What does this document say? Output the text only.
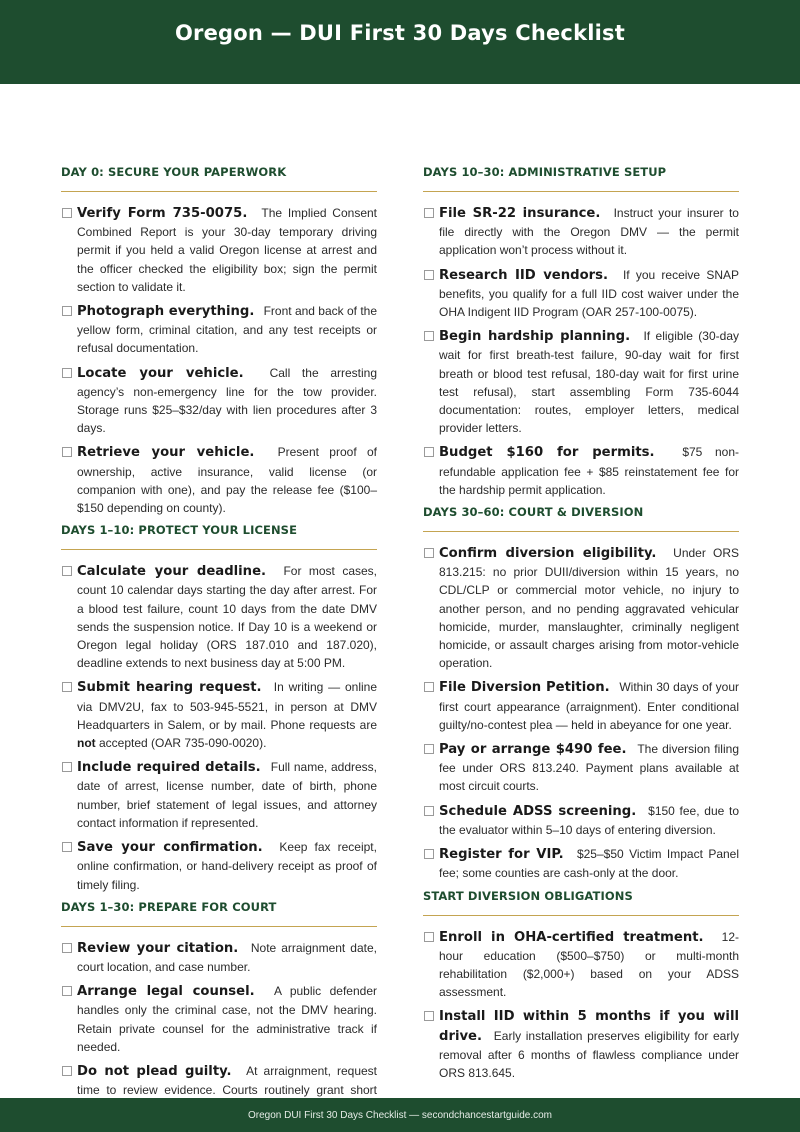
Oregon — DUI First 30 Days Checklist
DAY 0: SECURE YOUR PAPERWORK
Verify Form 735-0075. The Implied Consent Combined Report is your 30-day temporary driving permit if you held a valid Oregon license at arrest and the officer checked the eligibility box; sign the permit section to validate it.
Photograph everything. Front and back of the yellow form, criminal citation, and any test receipts or refusal documentation.
Locate your vehicle. Call the arresting agency’s non-emergency line for the tow provider. Storage runs $25–$32/day with lien procedures after 3 days.
Retrieve your vehicle. Present proof of ownership, active insurance, valid license (or companion with one), and pay the release fee ($100–$150 depending on county).
DAYS 1–10: PROTECT YOUR LICENSE
Calculate your deadline. For most cases, count 10 calendar days starting the day after arrest. For a blood test failure, count 10 days from the date DMV sends the suspension notice. If Day 10 is a weekend or Oregon legal holiday (ORS 187.010 and 187.020), deadline extends to next business day at 5:00 PM.
Submit hearing request. In writing — online via DMV2U, fax to 503-945-5521, in person at DMV Headquarters in Salem, or by mail. Phone requests are not accepted (OAR 735-090-0020).
Include required details. Full name, address, date of arrest, license number, date of birth, phone number, brief statement of legal issues, and attorney contact information if represented.
Save your confirmation. Keep fax receipt, online confirmation, or hand-delivery receipt as proof of timely filing.
DAYS 1–30: PREPARE FOR COURT
Review your citation. Note arraignment date, court location, and case number.
Arrange legal counsel. A public defender handles only the criminal case, not the DMV hearing. Retain private counsel for the administrative track if needed.
Do not plead guilty. At arraignment, request time to review evidence. Courts routinely grant short
DAYS 10–30: ADMINISTRATIVE SETUP
File SR-22 insurance. Instruct your insurer to file directly with the Oregon DMV — the permit application won’t process without it.
Research IID vendors. If you receive SNAP benefits, you qualify for a full IID cost waiver under the OHA Indigent IID Program (OAR 257-100-0075).
Begin hardship planning. If eligible (30-day wait for first breath-test failure, 90-day wait for first breath or blood test refusal, 180-day wait for first urine test refusal), start assembling Form 735-6044 documentation: routes, employer letters, medical provider letters.
Budget $160 for permits. $75 non-refundable application fee + $85 reinstatement fee for the hardship permit application.
DAYS 30–60: COURT & DIVERSION
Confirm diversion eligibility. Under ORS 813.215: no prior DUII/diversion within 15 years, no CDL/CLP or commercial motor vehicle, no injury to another person, and no pending aggravated vehicular homicide, murder, manslaughter, criminally negligent homicide, or assault charges arising from motor-vehicle operation.
File Diversion Petition. Within 30 days of your first court appearance (arraignment). Enter conditional guilty/no-contest plea — held in abeyance for one year.
Pay or arrange $490 fee. The diversion filing fee under ORS 813.240. Payment plans available at most circuit courts.
Schedule ADSS screening. $150 fee, due to the evaluator within 5–10 days of entering diversion.
Register for VIP. $25–$50 Victim Impact Panel fee; some counties are cash-only at the door.
START DIVERSION OBLIGATIONS
Enroll in OHA-certified treatment. 12-hour education ($500–$750) or multi-month rehabilitation ($2,000+) based on your ADSS assessment.
Install IID within 5 months if you will drive. Early installation preserves eligibility for early removal after 6 months of flawless compliance under ORS 813.645.
Oregon DUI First 30 Days Checklist — secondchancestartguide.com
